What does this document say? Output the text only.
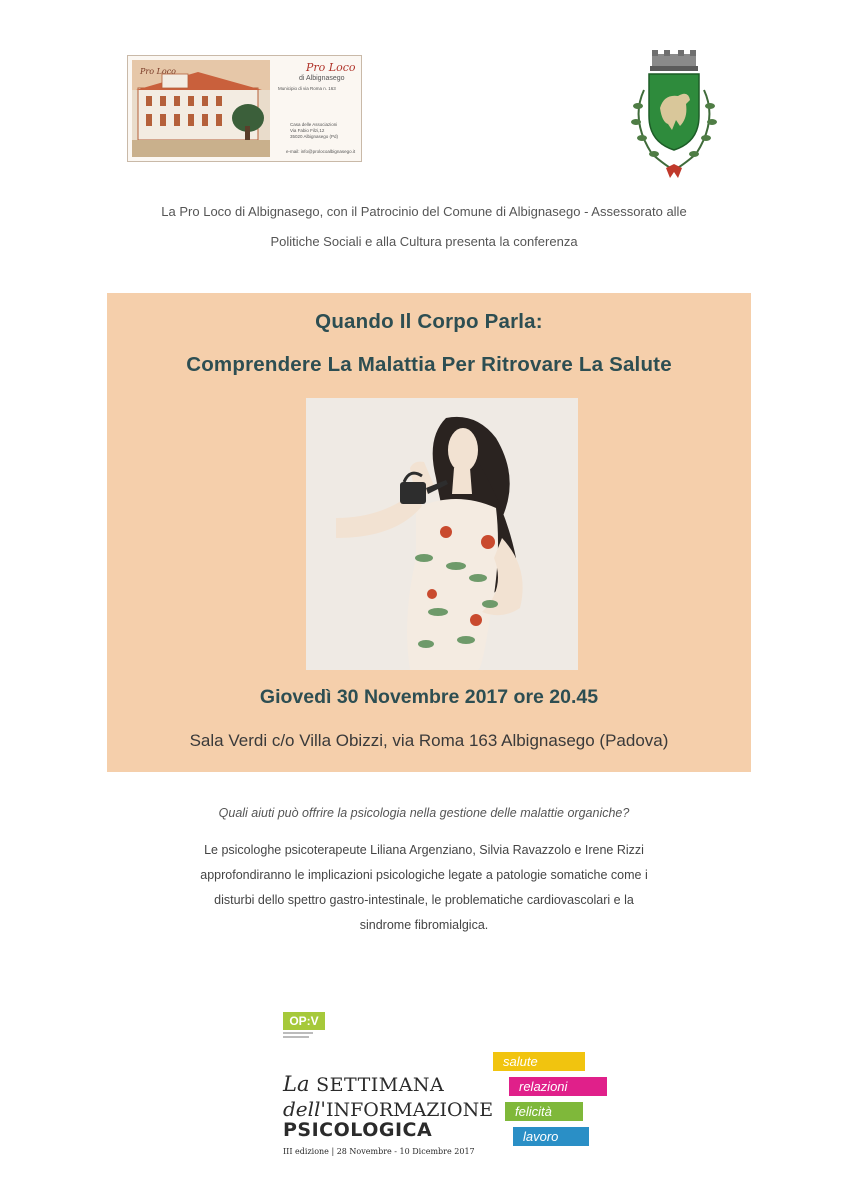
Pro Loco	Pro Loco
di Albignasego
Municipio di via Roma n. 163
Casa delle Associazioni
Via Fabio Filzi,12
35020 Albignasego (Pd)
e-mail: info@prolocoalbignasego.it
La Pro Loco di Albignasego, con il Patrocinio del Comune di Albignasego - Assessorato alle
Politiche Sociali e alla Cultura presenta la conferenza
Quando Il Corpo Parla:
Comprendere La Malattia Per Ritrovare La Salute
Giovedì 30 Novembre 2017 ore 20.45
Sala Verdi c/o Villa Obizzi, via Roma 163 Albignasego (Padova)
Quali aiuti può offrire la psicologia nella gestione delle malattie organiche?
Le psicologhe psicoterapeute Liliana Argenziano, Silvia Ravazzolo e Irene Rizzi
approfondiranno le implicazioni psicologiche legate a patologie somatiche come i
disturbi dello spettro gastro-intestinale, le problematiche cardiovascolari e la
sindrome fibromialgica.
OP:V
La SETTIMANA
dell'INFORMAZIONE
PSICOLOGICA
III edizione | 28 Novembre - 10 Dicembre 2017
salute
relazioni
felicità
lavoro
